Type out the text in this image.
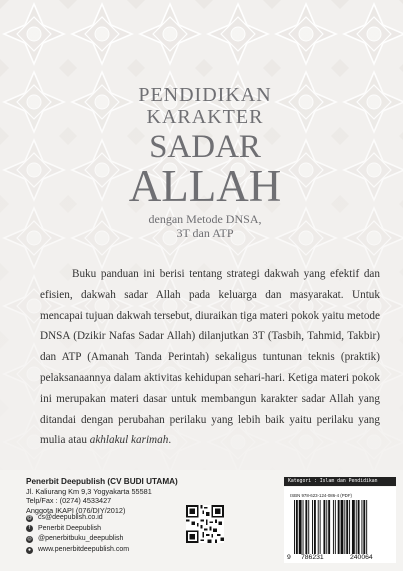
PENDIDIKAN
KARAKTER
SADAR
ALLAH
dengan Metode DNSA,
3T dan ATP

Buku panduan ini berisi tentang strategi dakwah yang efektif dan efisien, dakwah sadar Allah pada keluarga dan masyarakat. Untuk mencapai tujuan dakwah tersebut, diuraikan tiga materi pokok yaitu metode DNSA (Dzikir Nafas Sadar Allah) dilanjutkan 3T (Tasbih, Tahmid, Takbir) dan ATP (Amanah Tanda Perintah) sekaligus tuntunan teknis (praktik) pelaksanaannya dalam aktivitas kehidupan sehari-hari. Ketiga materi pokok ini merupakan materi dasar untuk membangun karakter sadar Allah yang ditandai dengan perubahan perilaku yang lebih baik yaitu perilaku yang mulia atau akhlakul karimah.

Penerbit Deepublish (CV BUDI UTAMA)
Jl. Kaliurang Km 9,3 Yogyakarta 55581
Telp/Fax : (0274) 4533427
Anggota IKAPI (076/DIY/2012)
@ cs@deepublish.co.id
f	Penerbit Deepublish
◎ @penerbitbuku_deepublish
● www.penerbitdeepublish.com
Kategori : Islam dan Pendidikan
ISBN 978-623-124-086-4 (PDF)
9 786231	240064
